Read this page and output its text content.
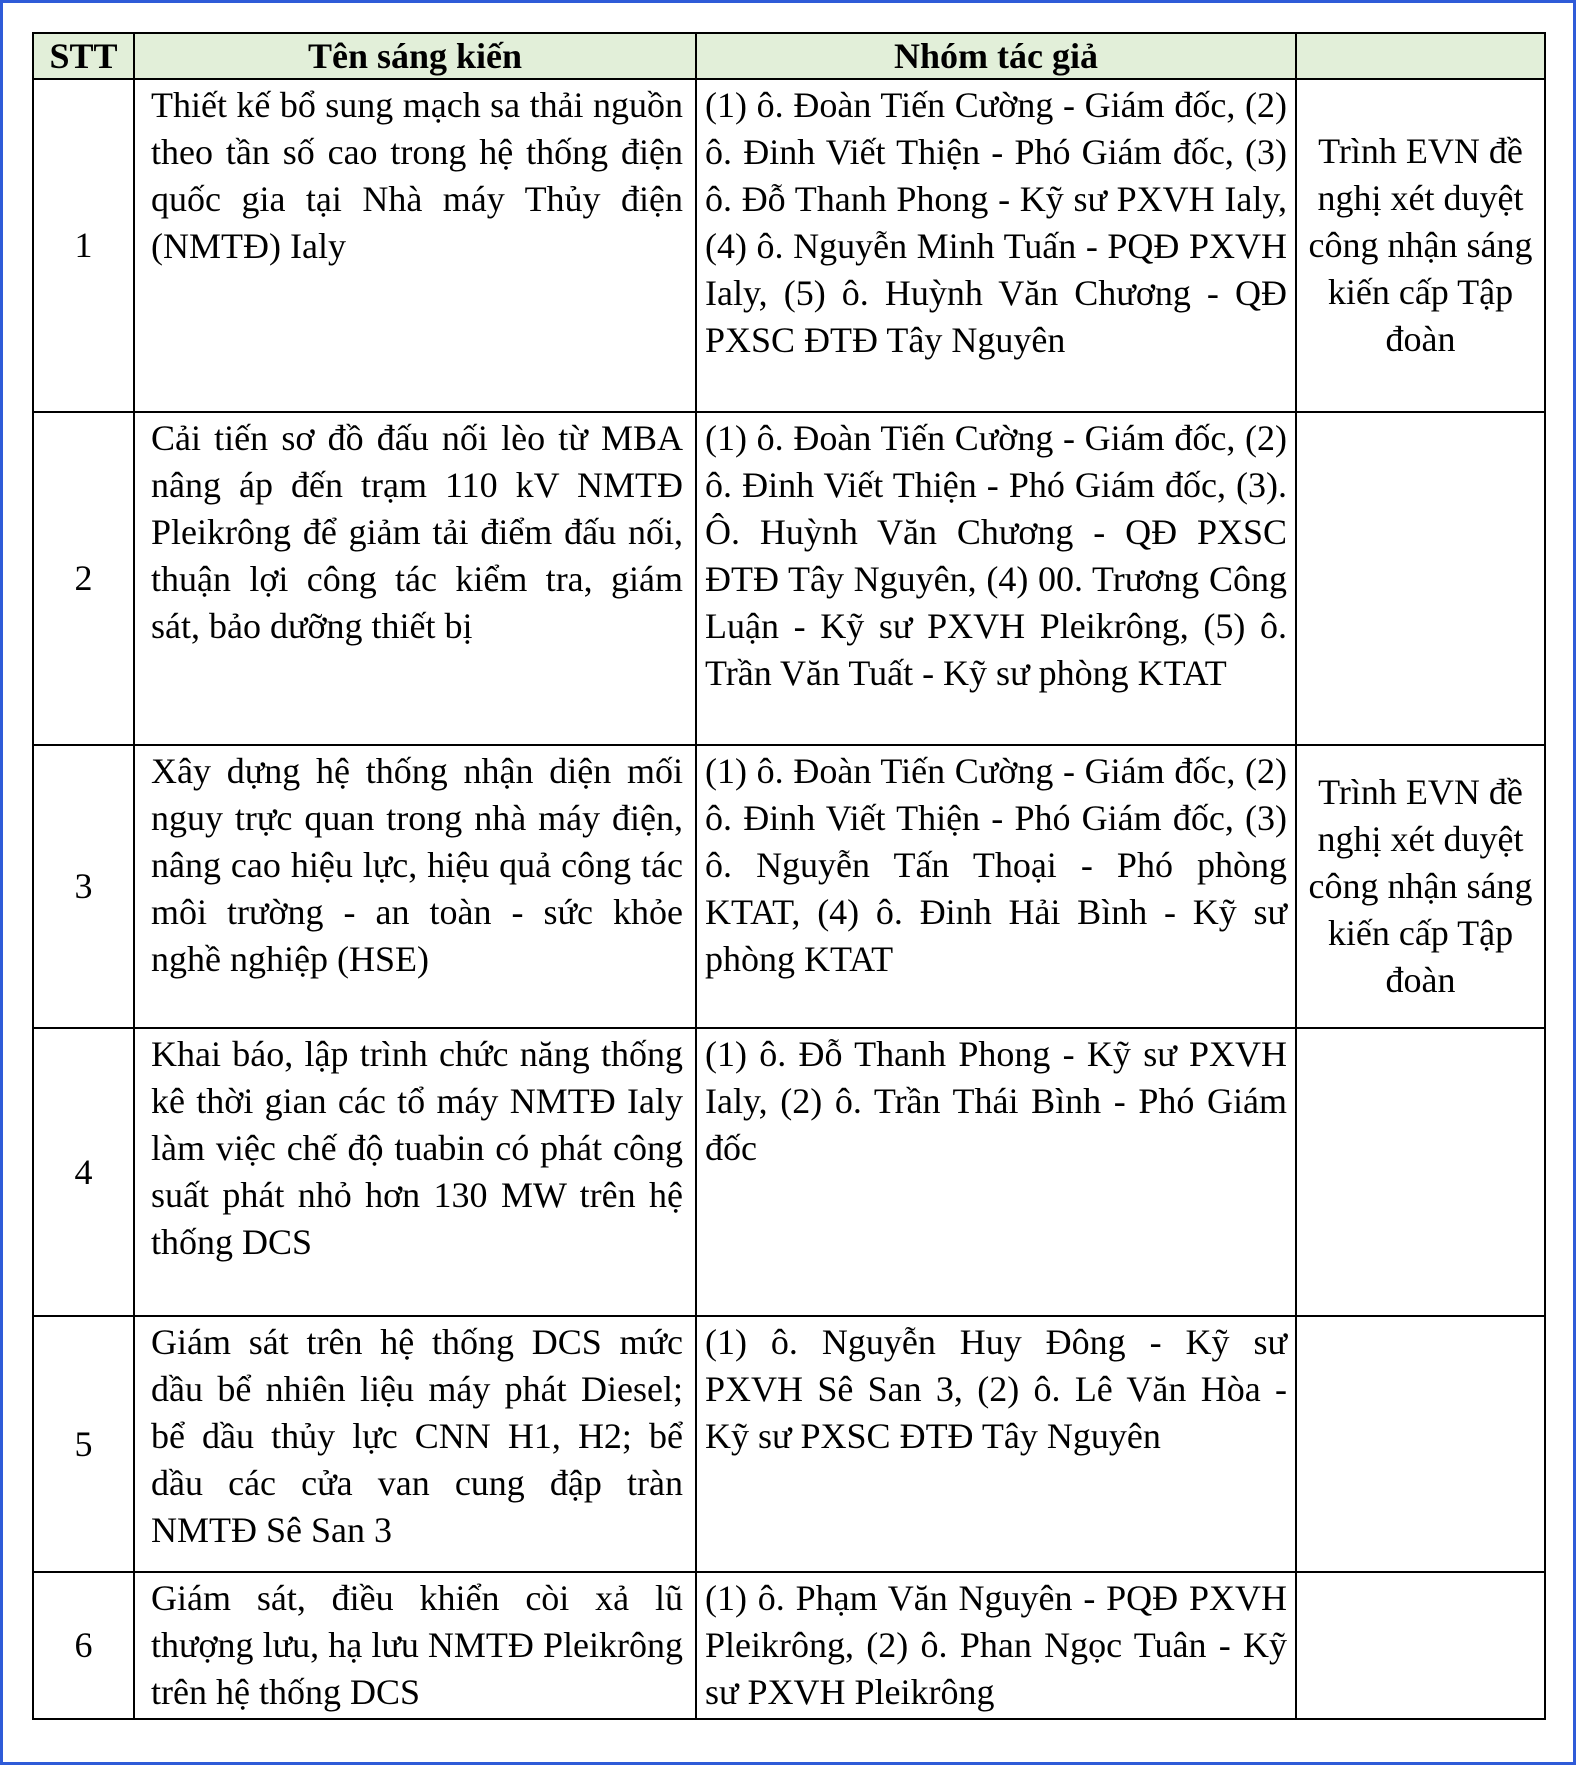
STT	Tên sáng kiến	Nhóm tác giả	
1	Thiết kế bổ sung mạch sa thải nguồn theo tần số cao trong hệ thống điện quốc gia tại Nhà máy Thủy điện (NMTĐ) Ialy	(1) ô. Đoàn Tiến Cường - Giám đốc, (2) ô. Đinh Viết Thiện - Phó Giám đốc, (3) ô. Đỗ Thanh Phong - Kỹ sư PXVH Ialy, (4) ô. Nguyễn Minh Tuấn - PQĐ PXVH Ialy, (5) ô. Huỳnh Văn Chương - QĐ PXSC ĐTĐ Tây Nguyên	Trình EVN đề nghị xét duyệt công nhận sáng kiến cấp Tập đoàn

2	Cải tiến sơ đồ đấu nối lèo từ MBA nâng áp đến trạm 110 kV NMTĐ Pleikrông để giảm tải điểm đấu nối, thuận lợi công tác kiểm tra, giám sát, bảo dưỡng thiết bị	(1) ô. Đoàn Tiến Cường - Giám đốc, (2) ô. Đinh Viết Thiện - Phó Giám đốc, (3). Ô. Huỳnh Văn Chương - QĐ PXSC ĐTĐ Tây Nguyên, (4) 00. Trương Công Luận - Kỹ sư PXVH Pleikrông, (5) ô. Trần Văn Tuất - Kỹ sư phòng KTAT	

3	Xây dựng hệ thống nhận diện mối nguy trực quan trong nhà máy điện, nâng cao hiệu lực, hiệu quả công tác môi trường - an toàn - sức khỏe nghề nghiệp (HSE)	(1) ô. Đoàn Tiến Cường - Giám đốc, (2) ô. Đinh Viết Thiện - Phó Giám đốc, (3) ô. Nguyễn Tấn Thoại - Phó phòng KTAT, (4) ô. Đinh Hải Bình - Kỹ sư phòng KTAT	Trình EVN đề nghị xét duyệt công nhận sáng kiến cấp Tập đoàn

4	Khai báo, lập trình chức năng thống kê thời gian các tổ máy NMTĐ Ialy làm việc chế độ tuabin có phát công suất phát nhỏ hơn 130 MW trên hệ thống DCS	(1) ô. Đỗ Thanh Phong - Kỹ sư PXVH Ialy, (2) ô. Trần Thái Bình - Phó Giám đốc	

5	Giám sát trên hệ thống DCS mức dầu bể nhiên liệu máy phát Diesel; bể dầu thủy lực CNN H1, H2; bể dầu các cửa van cung đập tràn NMTĐ Sê San 3	(1) ô. Nguyễn Huy Đông - Kỹ sư PXVH Sê San 3, (2) ô. Lê Văn Hòa - Kỹ sư PXSC ĐTĐ Tây Nguyên	

6	Giám sát, điều khiển còi xả lũ thượng lưu, hạ lưu NMTĐ Pleikrông trên hệ thống DCS	(1) ô. Phạm Văn Nguyên - PQĐ PXVH Pleikrông, (2) ô. Phan Ngọc Tuân - Kỹ sư PXVH Pleikrông	
